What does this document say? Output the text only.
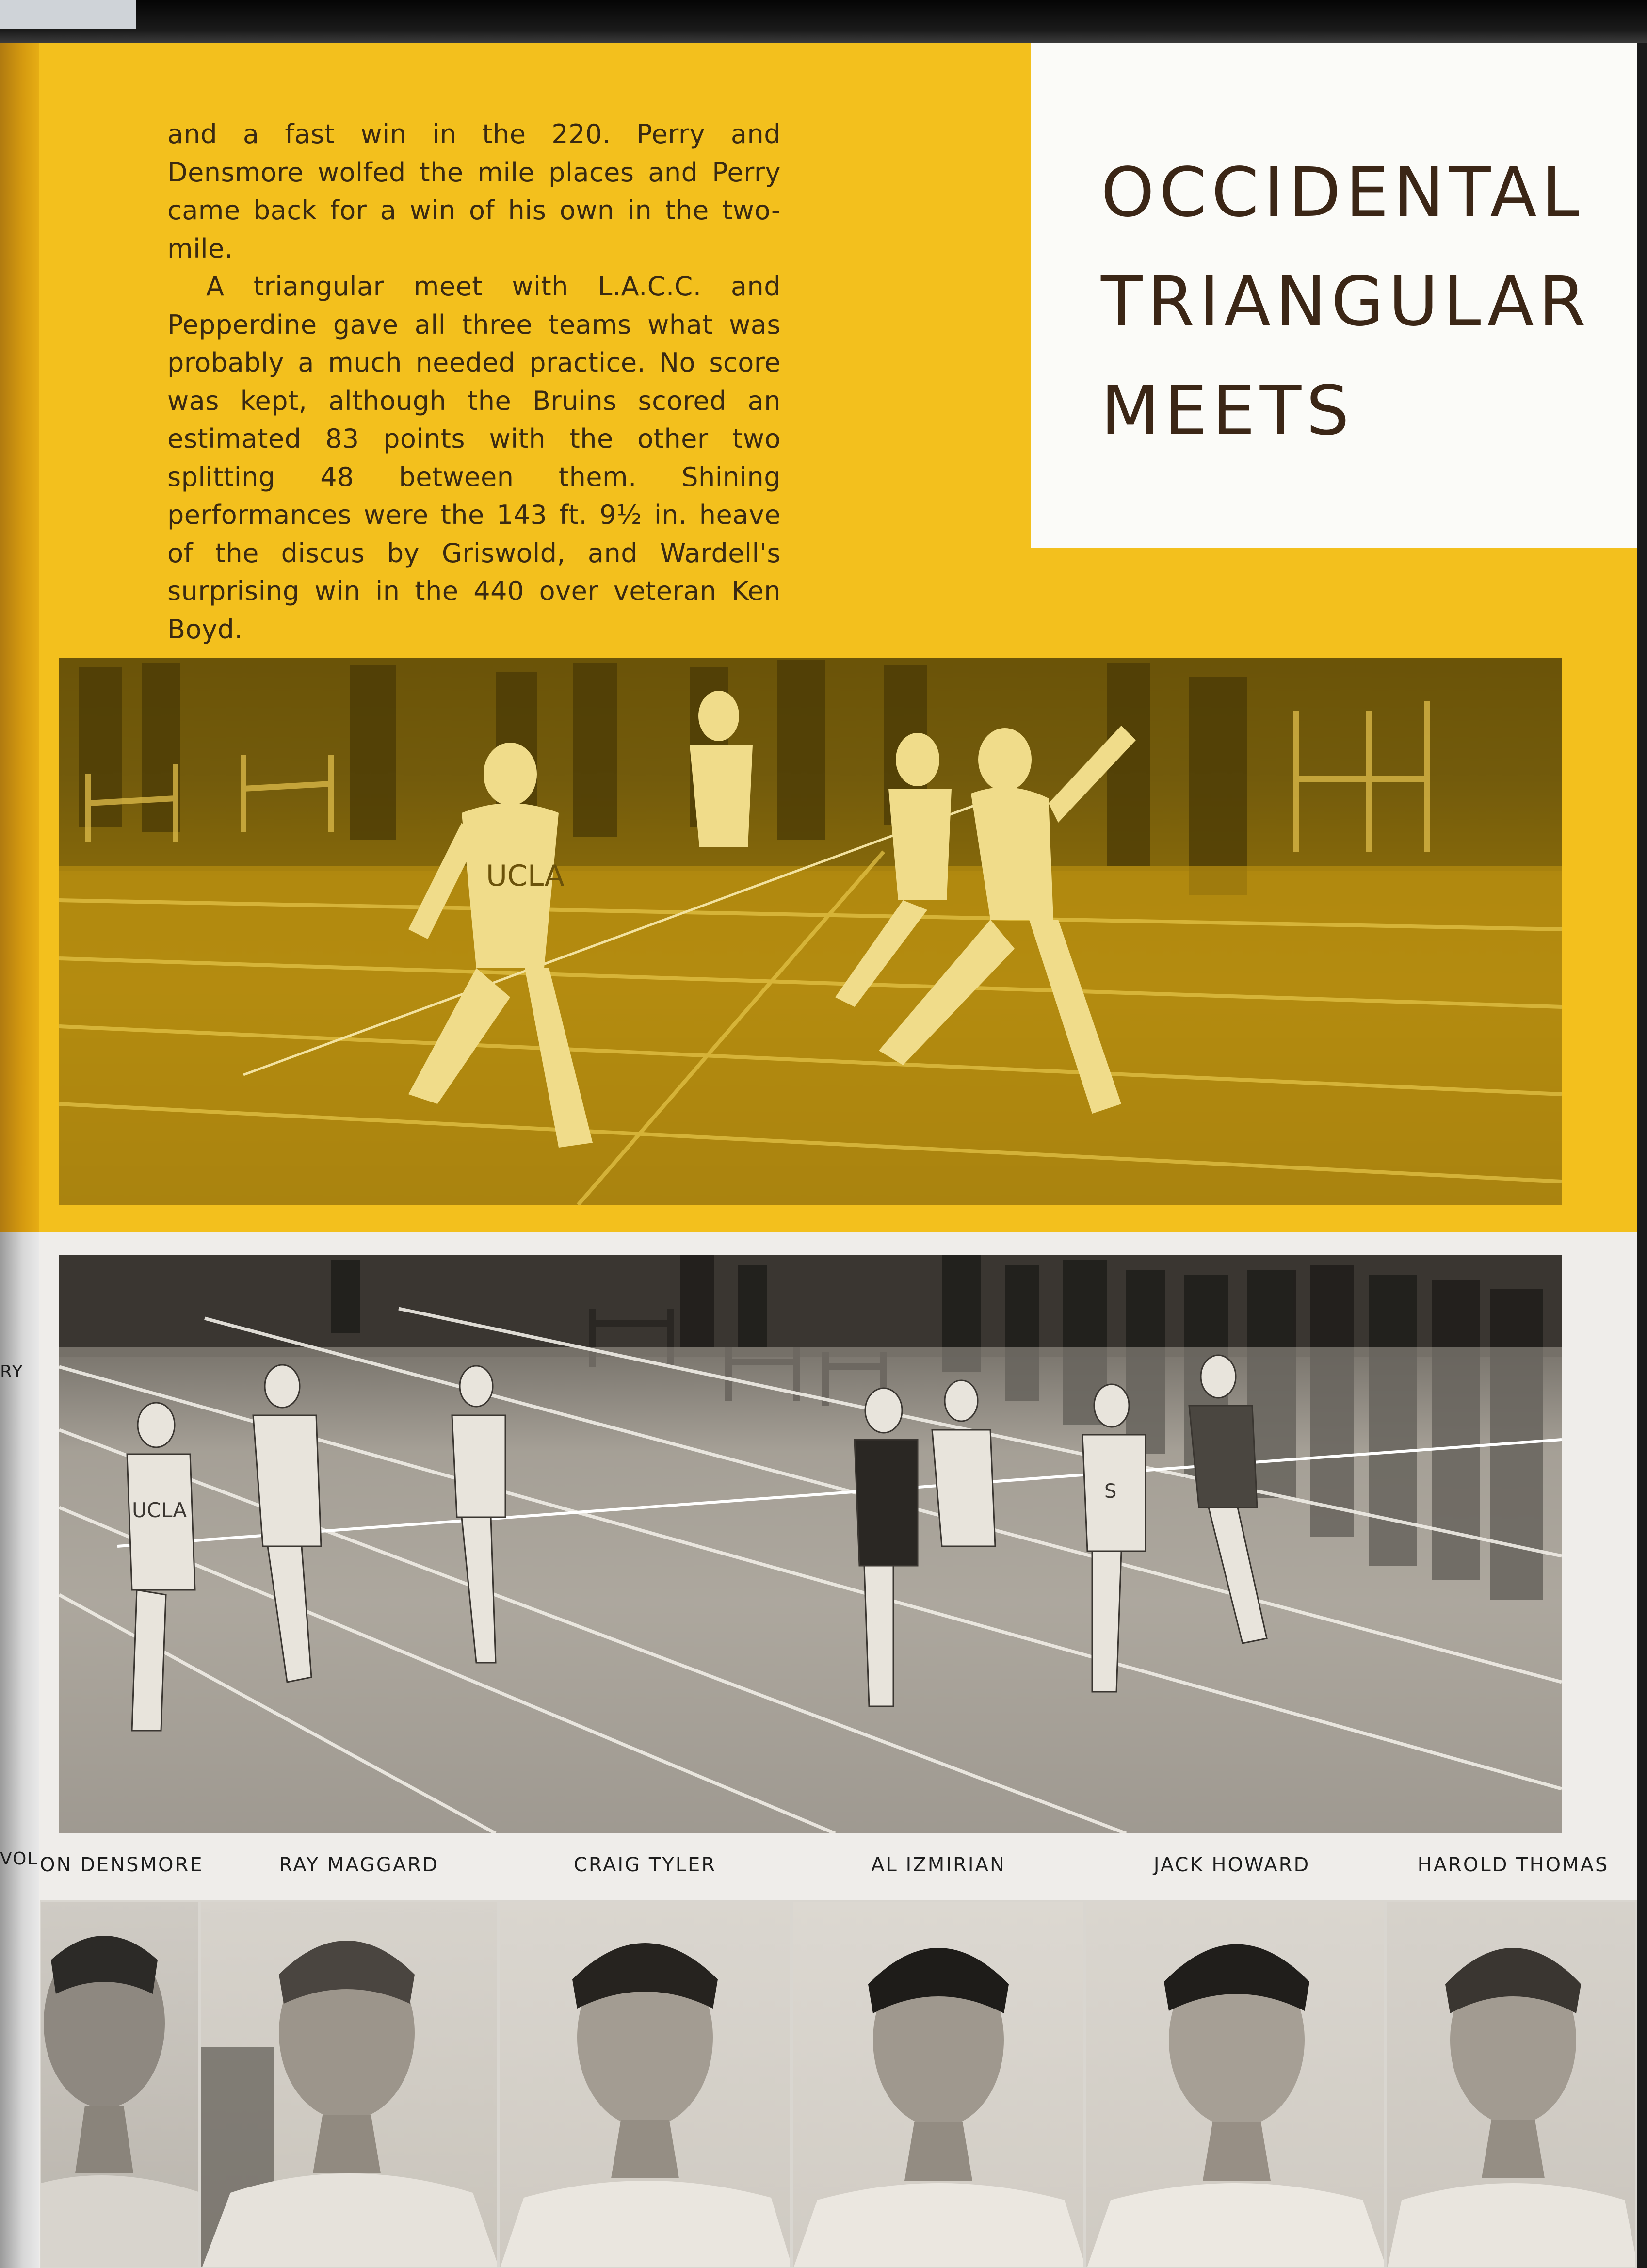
RY
VOL

and a fast win in the 220. Perry and Densmore wolfed the mile places and Perry came back for a win of his own in the two-mile.

A triangular meet with L.A.C.C. and Pepperdine gave all three teams what was probably a much needed practice. No score was kept, although the Bruins scored an estimated 83 points with the other two splitting 48 between them. Shining performances were the 143 ft. 9½ in. heave of the discus by Griswold, and Wardell's surprising win in the 440 over veteran Ken Boyd.

OCCIDENTAL
TRIANGULAR
MEETS
UCLA
UCLA
S
ON DENSMORE	RAY MAGGARD	CRAIG TYLER	AL IZMIRIAN	JACK HOWARD	HAROLD THOMAS
